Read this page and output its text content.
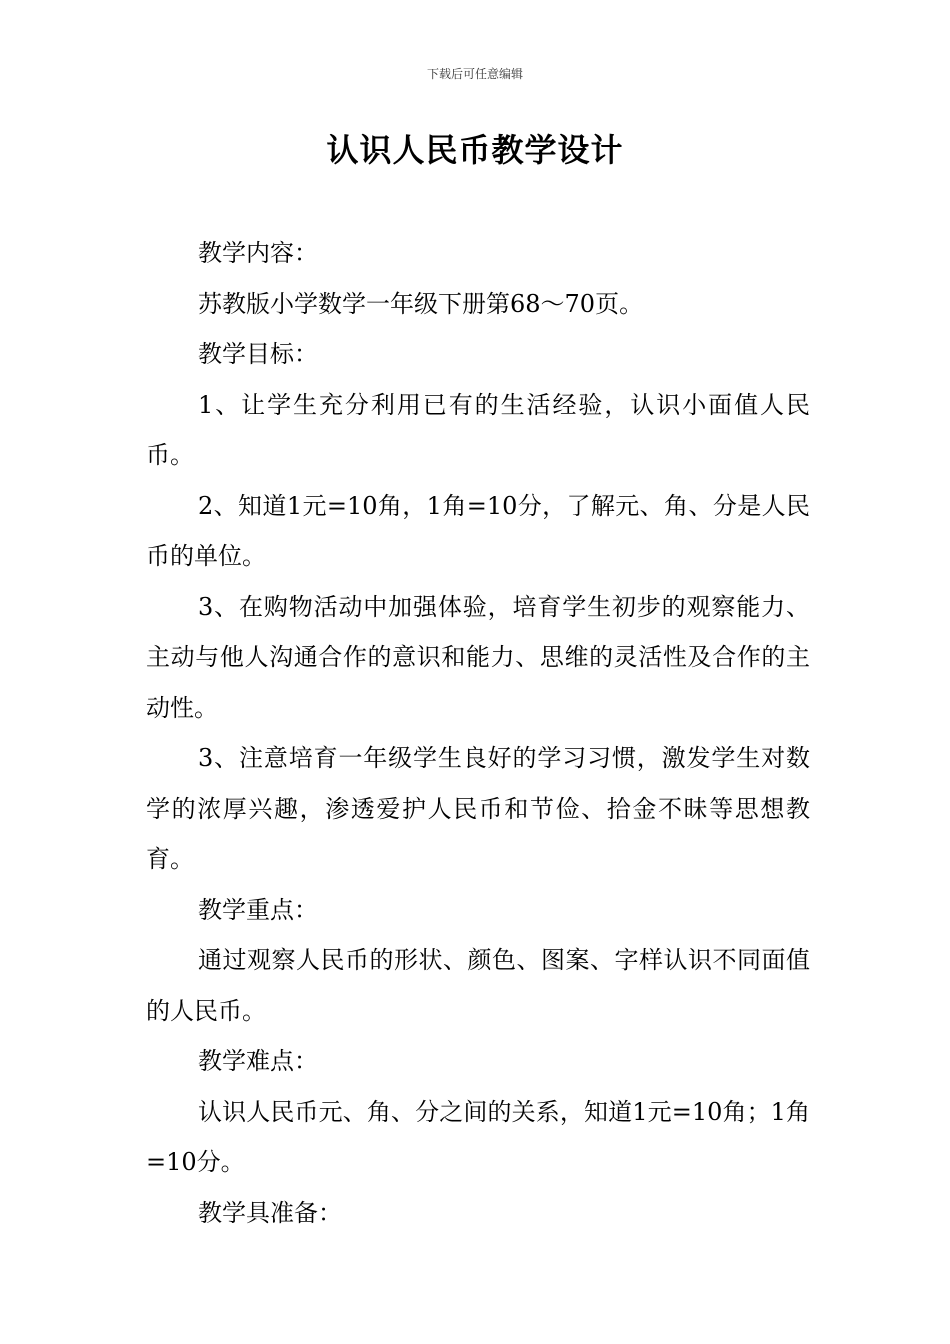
下载后可任意编辑
认识人民币教学设计

教学内容：

苏教版小学数学一年级下册第68～70页。

教学目标：

1、让学生充分利用已有的生活经验，认识小面值人民币。

2、知道1元=10角，1角=10分，了解元、角、分是人民币的单位。

3、在购物活动中加强体验，培育学生初步的观察能力、主动与他人沟通合作的意识和能力、思维的灵活性及合作的主动性。

3、注意培育一年级学生良好的学习习惯，激发学生对数学的浓厚兴趣，渗透爱护人民币和节俭、拾金不昧等思想教育。

教学重点：

通过观察人民币的形状、颜色、图案、字样认识不同面值的人民币。

教学难点：

认识人民币元、角、分之间的关系，知道1元=10角；1角=10分。

教学具准备：
